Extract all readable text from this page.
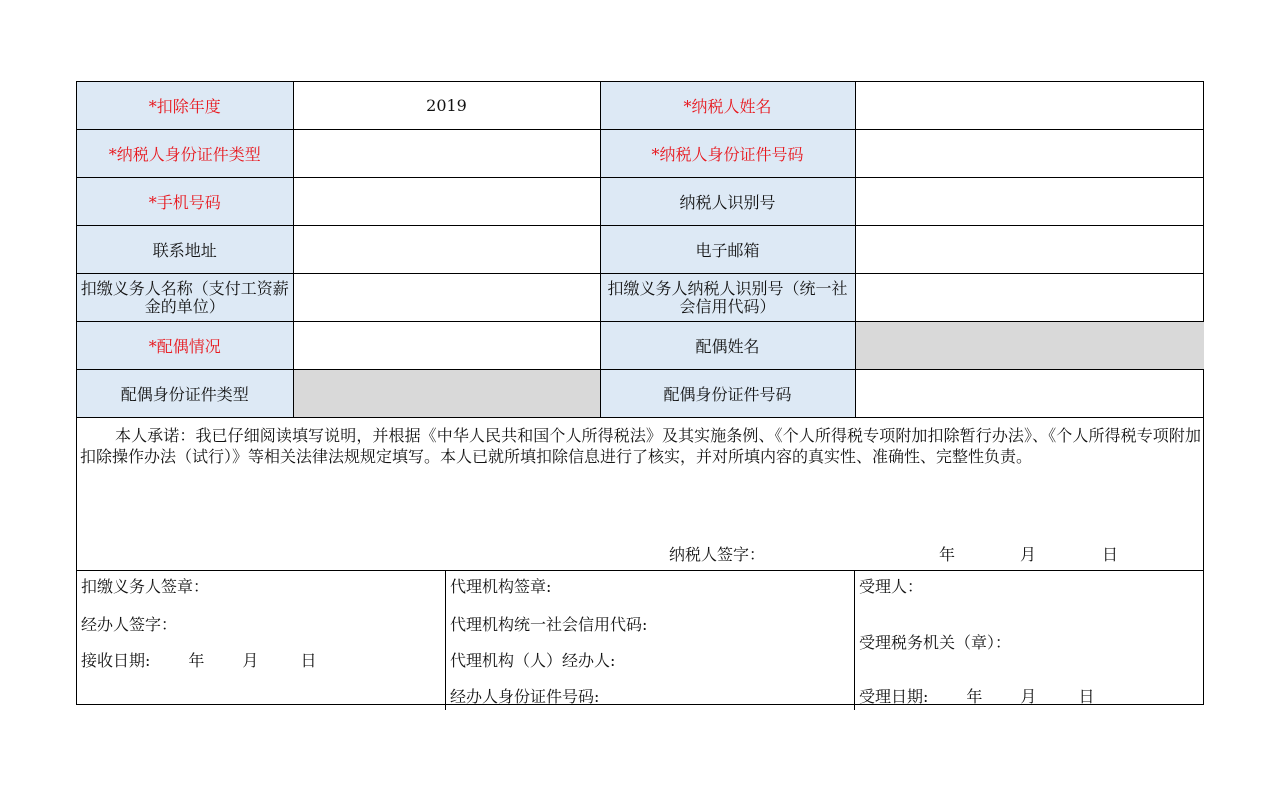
*扣除年度	2019	*纳税人姓名	
*纳税人身份证件类型		*纳税人身份证件号码	
*手机号码		纳税人识别号	
联系地址		电子邮箱	
扣缴义务人名称（支付工资薪金的单位）		扣缴义务人纳税人识别号（统一社会信用代码）	
*配偶情况		配偶姓名	
配偶身份证件类型		配偶身份证件号码	
本人承诺：我已仔细阅读填写说明，并根据《中华人民共和国个人所得税法》及其实施条例、《个人所得税专项附加扣除暂行办法》、《个人所得税专项附加扣除操作办法（试行）》等相关法律法规规定填写。本人已就所填扣除信息进行了核实，并对所填内容的真实性、准确性、完整性负责。
纳税人签字：	年	月	日
扣缴义务人签章：
经办人签字：
接收日期: 年 月	日
代理机构签章:
代理机构统一社会信用代码:
代理机构（人）经办人:
经办人身份证件号码:
受理人：
受理税务机关（章）：
受理日期: 年 月	日
